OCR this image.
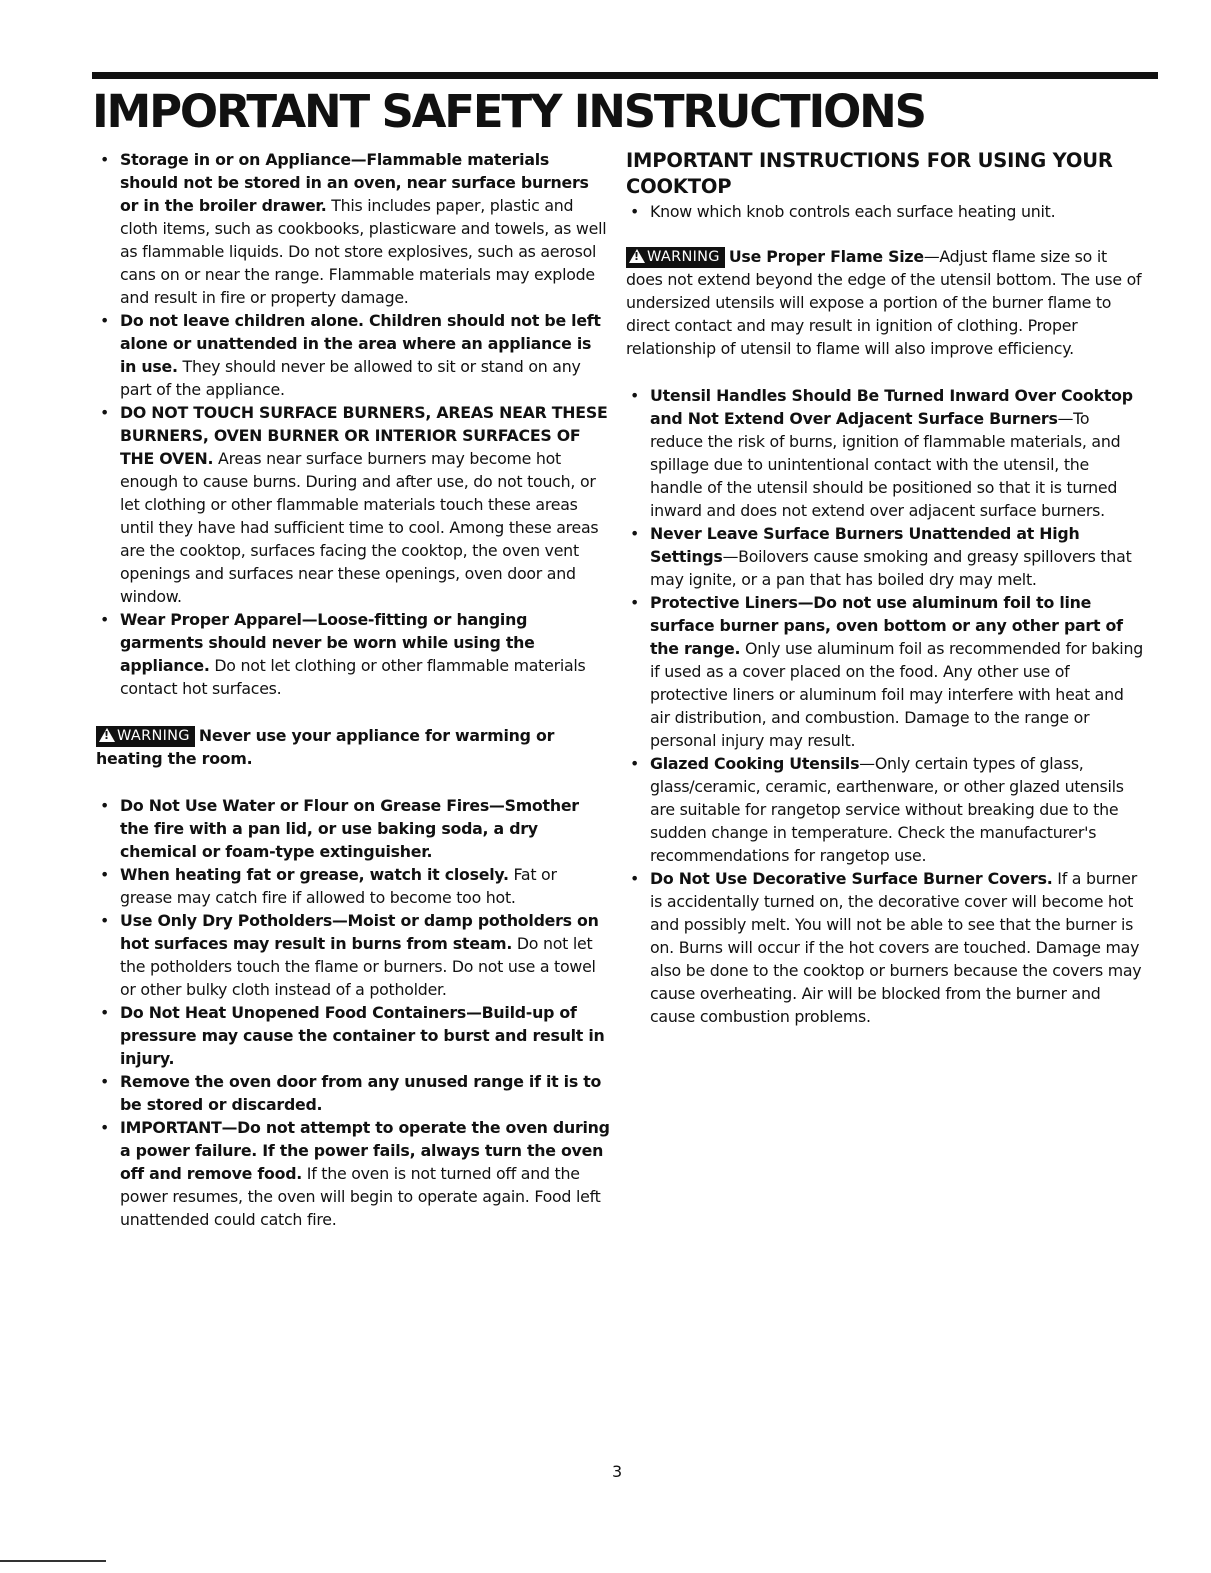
IMPORTANT SAFETY INSTRUCTIONS
• Storage in or on Appliance—Flammable materials should not be stored in an oven, near surface burners or in the broiler drawer. This includes paper, plastic and cloth items, such as cookbooks, plasticware and towels, as well as flammable liquids. Do not store explosives, such as aerosol cans on or near the range. Flammable materials may explode and result in fire or property damage.
• Do not leave children alone. Children should not be left alone or unattended in the area where an appliance is in use. They should never be allowed to sit or stand on any part of the appliance.
• DO NOT TOUCH SURFACE BURNERS, AREAS NEAR THESE BURNERS, OVEN BURNER OR INTERIOR SURFACES OF THE OVEN. Areas near surface burners may become hot enough to cause burns. During and after use, do not touch, or let clothing or other flammable materials touch these areas until they have had sufficient time to cool. Among these areas are the cooktop, surfaces facing the cooktop, the oven vent openings and surfaces near these openings, oven door and window.
• Wear Proper Apparel—Loose-fitting or hanging garments should never be worn while using the appliance. Do not let clothing or other flammable materials contact hot surfaces.

!WARNING Never use your appliance for warming or heating the room.

• Do Not Use Water or Flour on Grease Fires—Smother the fire with a pan lid, or use baking soda, a dry chemical or foam-type extinguisher.
• When heating fat or grease, watch it closely. Fat or grease may catch fire if allowed to become too hot.
• Use Only Dry Potholders—Moist or damp potholders on hot surfaces may result in burns from steam. Do not let the potholders touch the flame or burners. Do not use a towel or other bulky cloth instead of a potholder.
• Do Not Heat Unopened Food Containers—Build-up of pressure may cause the container to burst and result in injury.
• Remove the oven door from any unused range if it is to be stored or discarded.
• IMPORTANT—Do not attempt to operate the oven during a power failure. If the power fails, always turn the oven off and remove food. If the oven is not turned off and the power resumes, the oven will begin to operate again. Food left unattended could catch fire.
IMPORTANT INSTRUCTIONS FOR USING YOUR COOKTOP
• Know which knob controls each surface heating unit.

!WARNING Use Proper Flame Size—Adjust flame size so it does not extend beyond the edge of the utensil bottom. The use of undersized utensils will expose a portion of the burner flame to direct contact and may result in ignition of clothing. Proper relationship of utensil to flame will also improve efficiency.

• Utensil Handles Should Be Turned Inward Over Cooktop and Not Extend Over Adjacent Surface Burners—To reduce the risk of burns, ignition of flammable materials, and spillage due to unintentional contact with the utensil, the handle of the utensil should be positioned so that it is turned inward and does not extend over adjacent surface burners.
• Never Leave Surface Burners Unattended at High Settings—Boilovers cause smoking and greasy spillovers that may ignite, or a pan that has boiled dry may melt.
• Protective Liners—Do not use aluminum foil to line surface burner pans, oven bottom or any other part of the range. Only use aluminum foil as recommended for baking if used as a cover placed on the food. Any other use of protective liners or aluminum foil may interfere with heat and air distribution, and combustion. Damage to the range or personal injury may result.
• Glazed Cooking Utensils—Only certain types of glass, glass/ceramic, ceramic, earthenware, or other glazed utensils are suitable for rangetop service without breaking due to the sudden change in temperature. Check the manufacturer's recommendations for rangetop use.
• Do Not Use Decorative Surface Burner Covers. If a burner is accidentally turned on, the decorative cover will become hot and possibly melt. You will not be able to see that the burner is on. Burns will occur if the hot covers are touched. Damage may also be done to the cooktop or burners because the covers may cause overheating. Air will be blocked from the burner and cause combustion problems.
3
